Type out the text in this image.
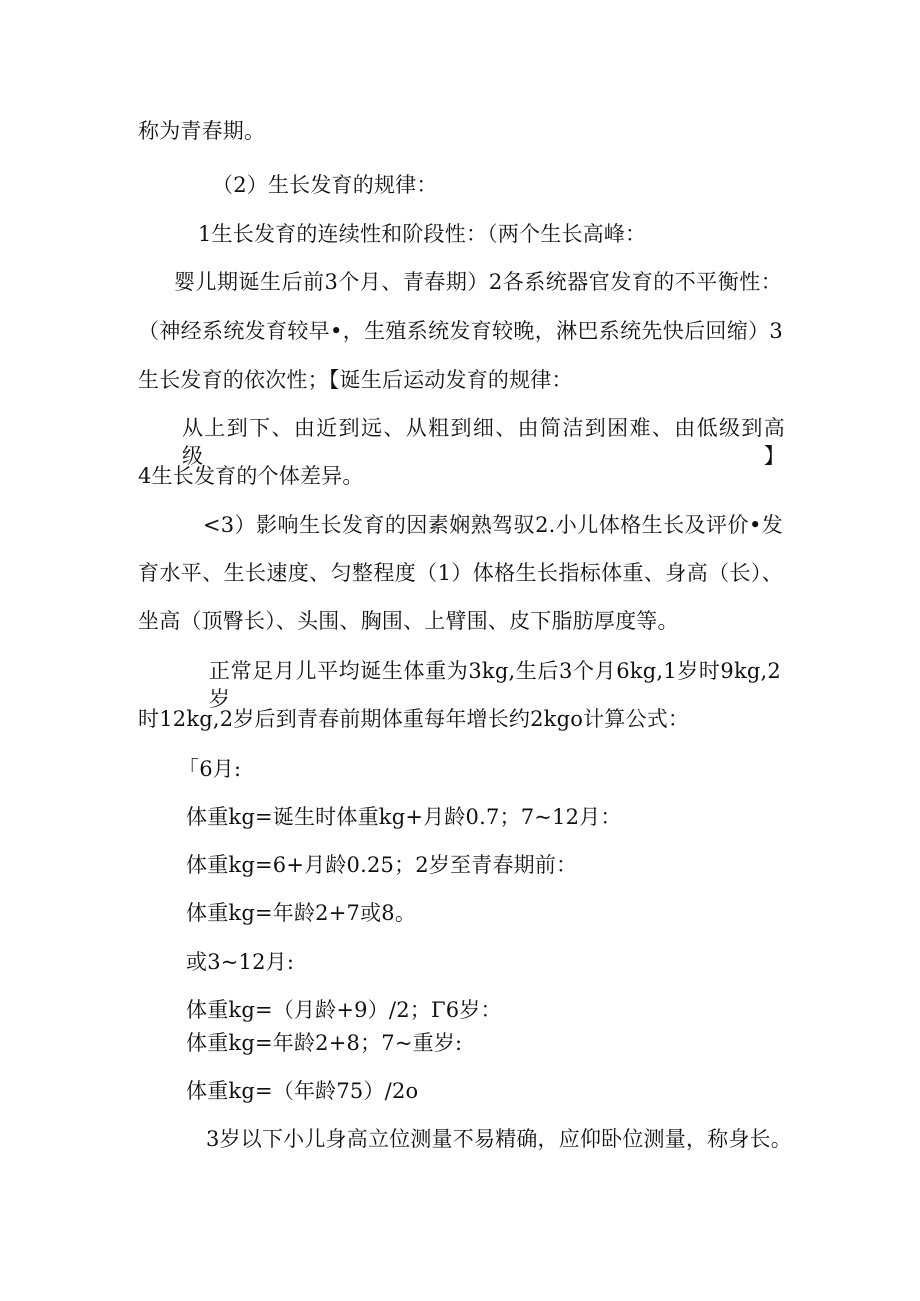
称为青春期。
（2）生长发育的规律：
1生长发育的连续性和阶段性：（两个生长高峰：
婴儿期诞生后前3个月、青春期）2各系统器官发育的不平衡性：
（神经系统发育较早•，生殖系统发育较晚，淋巴系统先快后回缩）3
生长发育的依次性；【诞生后运动发育的规律：
从上到下、由近到远、从粗到细、由简洁到困难、由低级到高级】
4生长发育的个体差异。
<3）影响生长发育的因素娴熟驾驭2.小儿体格生长及评价•发
育水平、生长速度、匀整程度（1）体格生长指标体重、身高（长）、
坐高（顶臀长）、头围、胸围、上臂围、皮下脂肪厚度等。
正常足月儿平均诞生体重为3kg,生后3个月6kg,1岁时9kg,2岁
时12kg,2岁后到青春前期体重每年增长约2kgo计算公式：
「6月:
体重kg=诞生时体重kg+月龄0.7；7~12月：
体重kg=6+月龄0.25；2岁至青春期前：
体重kg=年龄2+7或8。
或3~12月:
体重kg=（月龄+9）/2；Γ6岁：
体重kg=年龄2+8；7~重岁:
体重kg=（年龄75）/2o
3岁以下小儿身高立位测量不易精确，应仰卧位测量，称身长。
